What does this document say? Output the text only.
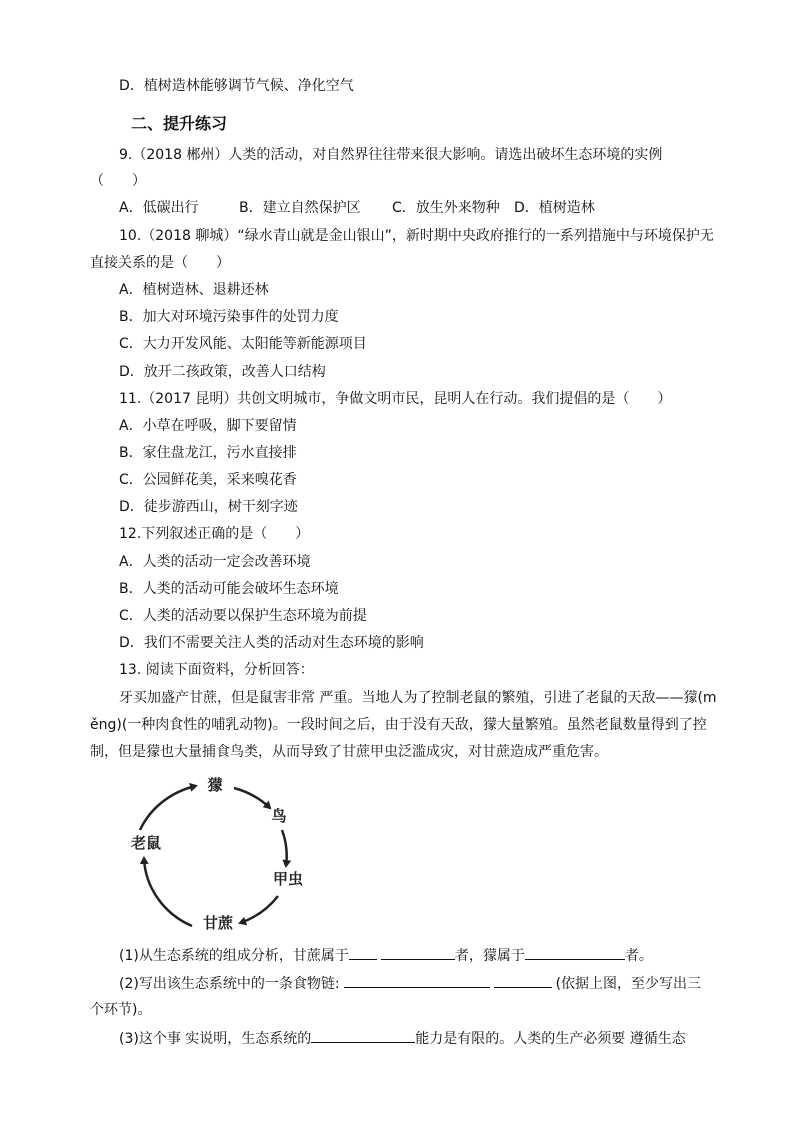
D．植树造林能够调节气候、净化空气
二、提升练习
9.（2018 郴州）人类的活动，对自然界往往带来很大影响。请选出破坏生态环境的实例
（　　）
A．低碳出行	B．建立自然保护区 C．放生外来物种 D．植树造林
10.（2018 聊城）“绿水青山就是金山银山”，新时期中央政府推行的一系列措施中与环境保护无
直接关系的是（　　）
A．植树造林、退耕还林
B．加大对环境污染事件的处罚力度
C．大力开发风能、太阳能等新能源项目
D．放开二孩政策，改善人口结构
11.（2017 昆明）共创文明城市，争做文明市民，昆明人在行动。我们提倡的是（　　）
A．小草在呼吸，脚下要留情
B．家住盘龙江，污水直接排
C．公园鲜花美，采来嗅花香
D．徒步游西山，树干刻字迹
12.下列叙述正确的是（　　）
A．人类的活动一定会改善环境
B．人类的活动可能会破坏生态环境
C．人类的活动要以保护生态环境为前提
D．我们不需要关注人类的活动对生态环境的影响
13. 阅读下面资料，分析回答：
牙买加盛产甘蔗，但是鼠害非常 严重。当地人为了控制老鼠的繁殖，引进了老鼠的天敌——獴(m
ěng)(一种肉食性的哺乳动物)。一段时间之后，由于没有天敌，獴大量繁殖。虽然老鼠数量得到了控
制，但是獴也大量捕食鸟类，从而导致了甘蔗甲虫泛滥成灾，对甘蔗造成严重危害。
獴
鸟
甲虫
甘蔗
老鼠
(1)从生态系统的组成分析，甘蔗属于	者，獴属于	者。
(2)写出该生态系统中的一条食物链:	(依据上图，至少写出三
个环节)。
(3)这个事 实说明，生态系统的	能力是有限的。人类的生产必须要 遵循生态
